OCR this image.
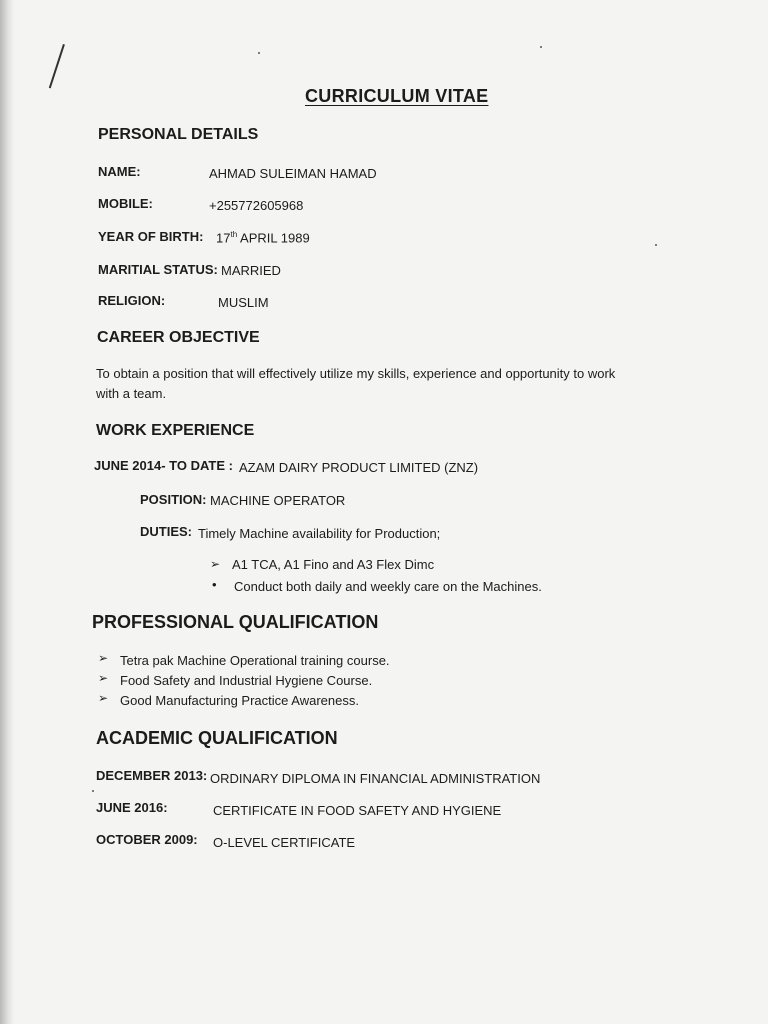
CURRICULUM VITAE
PERSONAL DETAILS
NAME:	AHMAD SULEIMAN HAMAD
MOBILE:	+255772605968
YEAR OF BIRTH: 17th APRIL 1989
MARITIAL STATUS: MARRIED
RELIGION:	MUSLIM
CAREER OBJECTIVE
To obtain a position that will effectively utilize my skills, experience and opportunity to work
with a team.
WORK EXPERIENCE
JUNE 2014- TO DATE : AZAM DAIRY PRODUCT LIMITED (ZNZ)
POSITION: MACHINE OPERATOR
DUTIES: Timely Machine availability for Production;
➢ A1 TCA, A1 Fino and A3 Flex Dimc
• Conduct both daily and weekly care on the Machines.
PROFESSIONAL QUALIFICATION
➢ Tetra pak Machine Operational training course.
➢ Food Safety and Industrial Hygiene Course.
➢ Good Manufacturing Practice Awareness.
ACADEMIC QUALIFICATION
DECEMBER 2013: ORDINARY DIPLOMA IN FINANCIAL ADMINISTRATION
JUNE 2016:	CERTIFICATE IN FOOD SAFETY AND HYGIENE
OCTOBER 2009: O-LEVEL CERTIFICATE
